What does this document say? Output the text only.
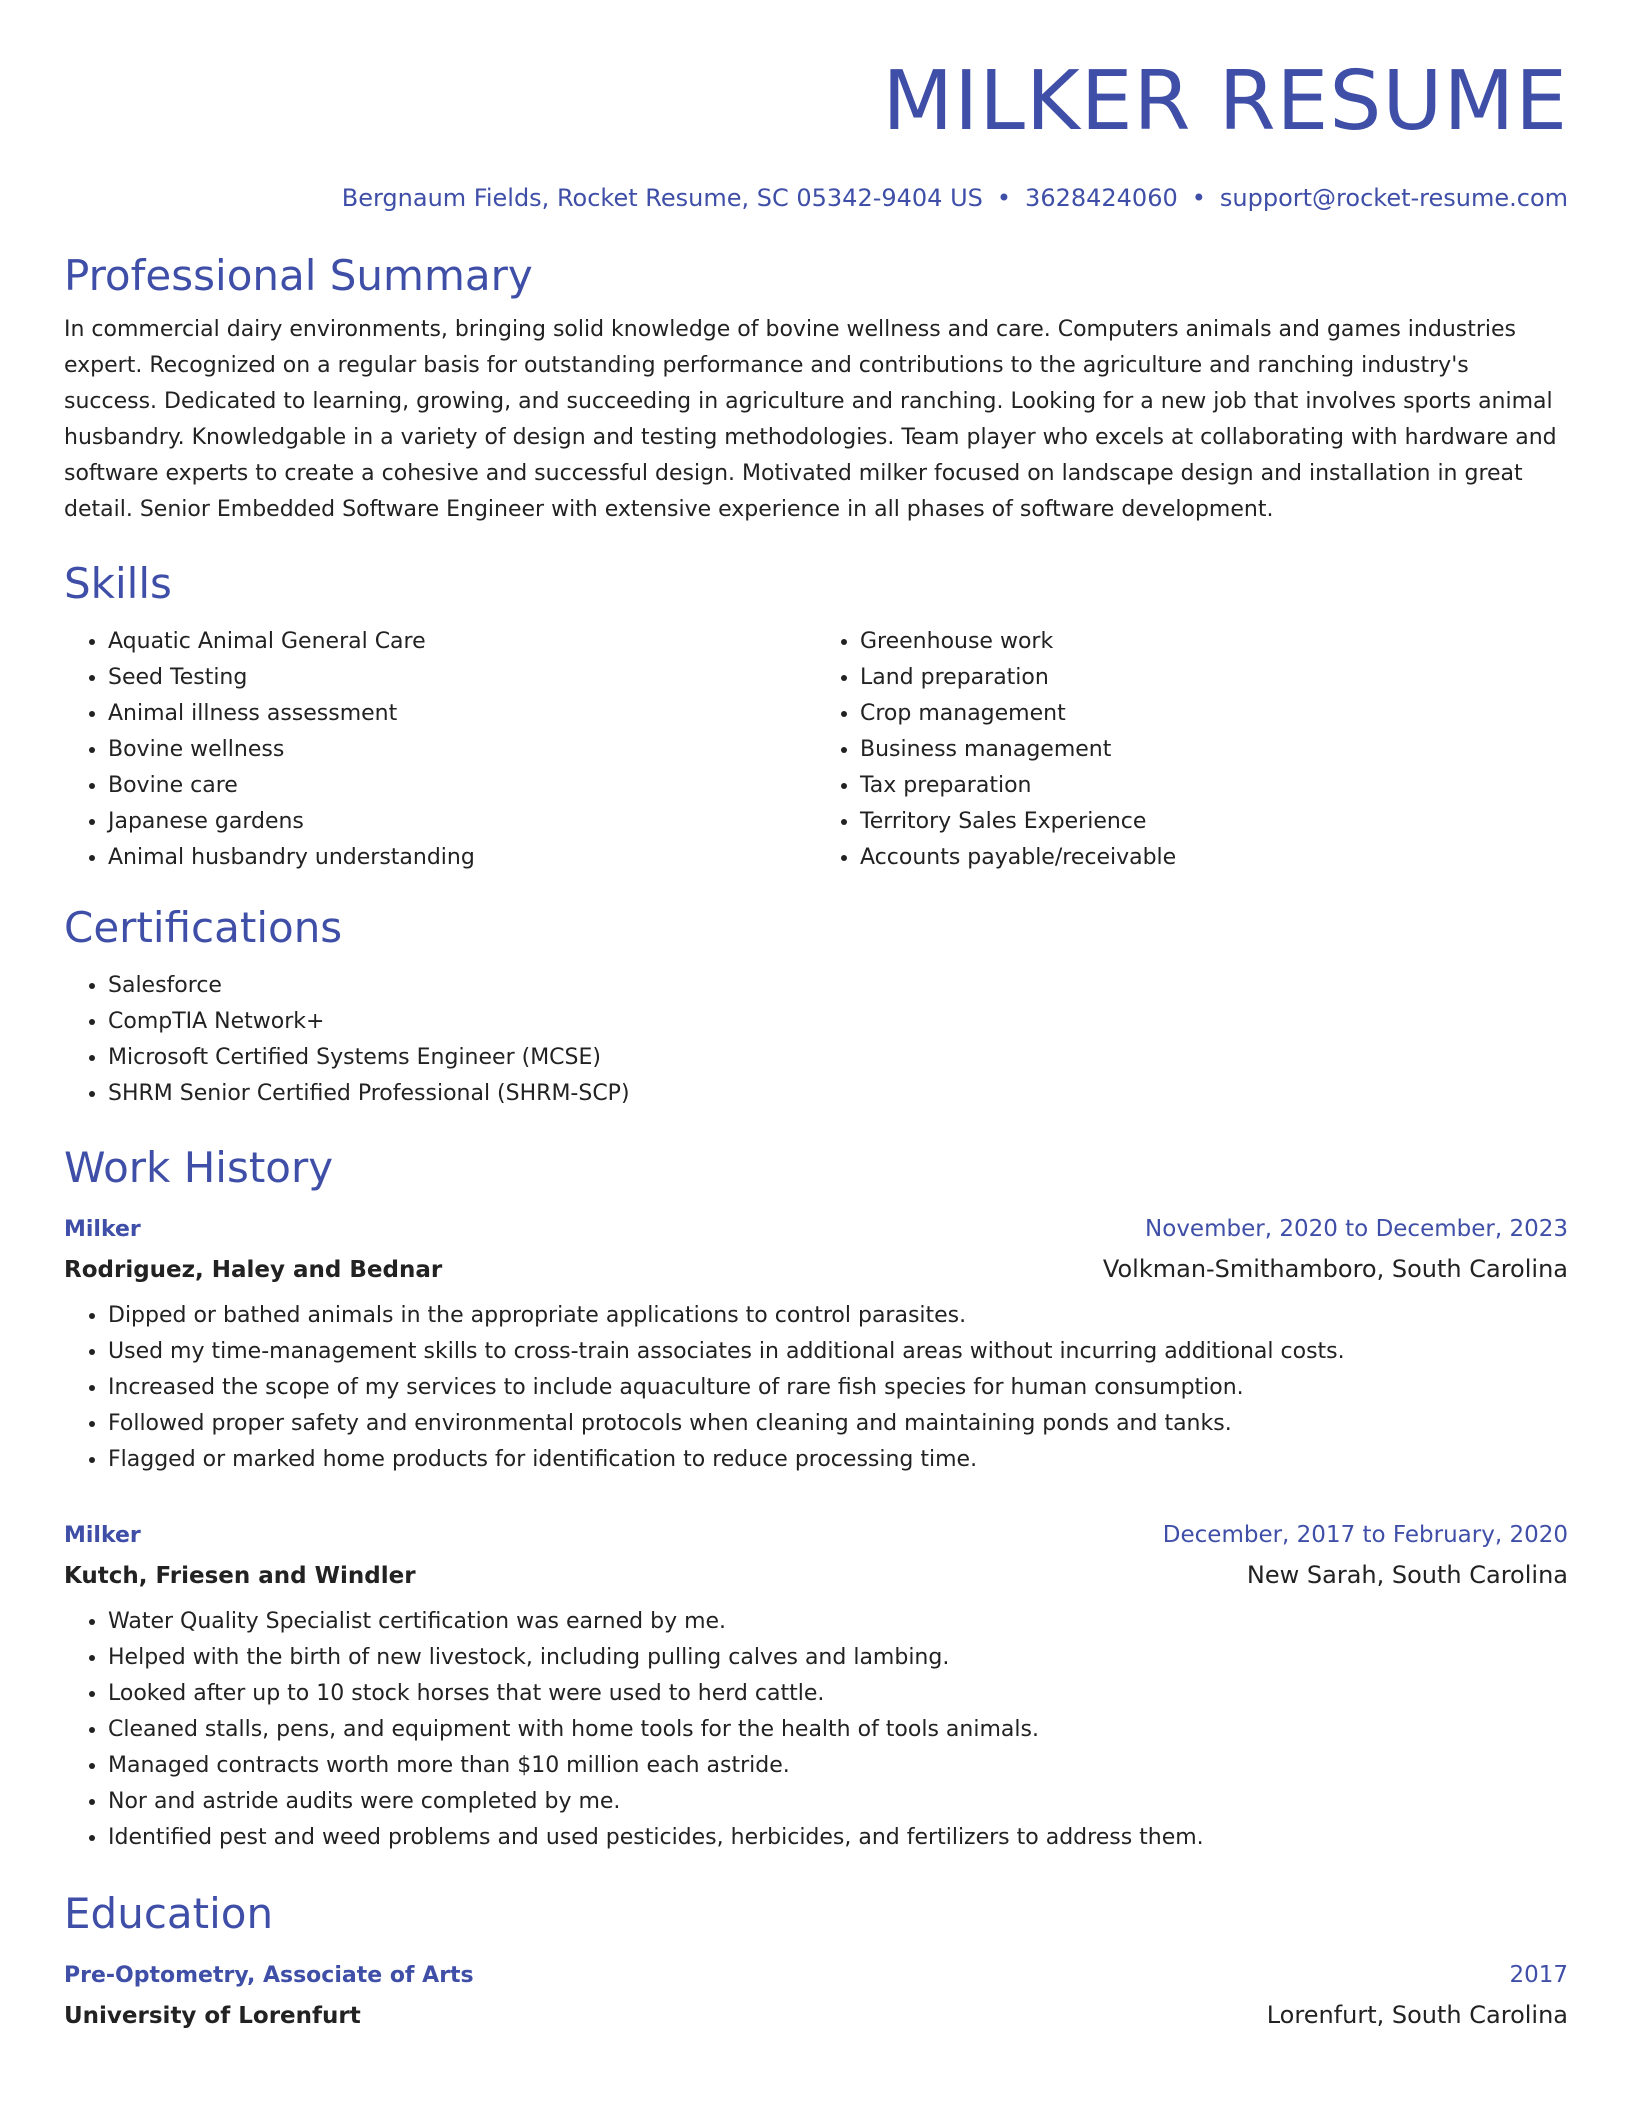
MILKER RESUME
Bergnaum Fields, Rocket Resume, SC 05342-9404 US • 3628424060 • support@rocket-resume.com
Professional Summary
In commercial dairy environments, bringing solid knowledge of bovine wellness and care. Computers animals and games industries expert. Recognized on a regular basis for outstanding performance and contributions to the agriculture and ranching industry's success. Dedicated to learning, growing, and succeeding in agriculture and ranching. Looking for a new job that involves sports animal husbandry. Knowledgable in a variety of design and testing methodologies. Team player who excels at collaborating with hardware and software experts to create a cohesive and successful design. Motivated milker focused on landscape design and installation in great detail. Senior Embedded Software Engineer with extensive experience in all phases of software development.
Skills
• Aquatic Animal General Care
• Seed Testing
• Animal illness assessment
• Bovine wellness
• Bovine care
• Japanese gardens
• Animal husbandry understanding
• Greenhouse work
• Land preparation
• Crop management
• Business management
• Tax preparation
• Territory Sales Experience
• Accounts payable/receivable
Certifications
• Salesforce
• CompTIA Network+
• Microsoft Certified Systems Engineer (MCSE)
• SHRM Senior Certified Professional (SHRM-SCP)
Work History
Milker	November, 2020 to December, 2023
Rodriguez, Haley and Bednar	Volkman-Smithamboro, South Carolina
• Dipped or bathed animals in the appropriate applications to control parasites.
• Used my time-management skills to cross-train associates in additional areas without incurring additional costs.
• Increased the scope of my services to include aquaculture of rare fish species for human consumption.
• Followed proper safety and environmental protocols when cleaning and maintaining ponds and tanks.
• Flagged or marked home products for identification to reduce processing time.
Milker	December, 2017 to February, 2020
Kutch, Friesen and Windler	New Sarah, South Carolina
• Water Quality Specialist certification was earned by me.
• Helped with the birth of new livestock, including pulling calves and lambing.
• Looked after up to 10 stock horses that were used to herd cattle.
• Cleaned stalls, pens, and equipment with home tools for the health of tools animals.
• Managed contracts worth more than $10 million each astride.
• Nor and astride audits were completed by me.
• Identified pest and weed problems and used pesticides, herbicides, and fertilizers to address them.
Education
Pre-Optometry, Associate of Arts	2017
University of Lorenfurt	Lorenfurt, South Carolina
